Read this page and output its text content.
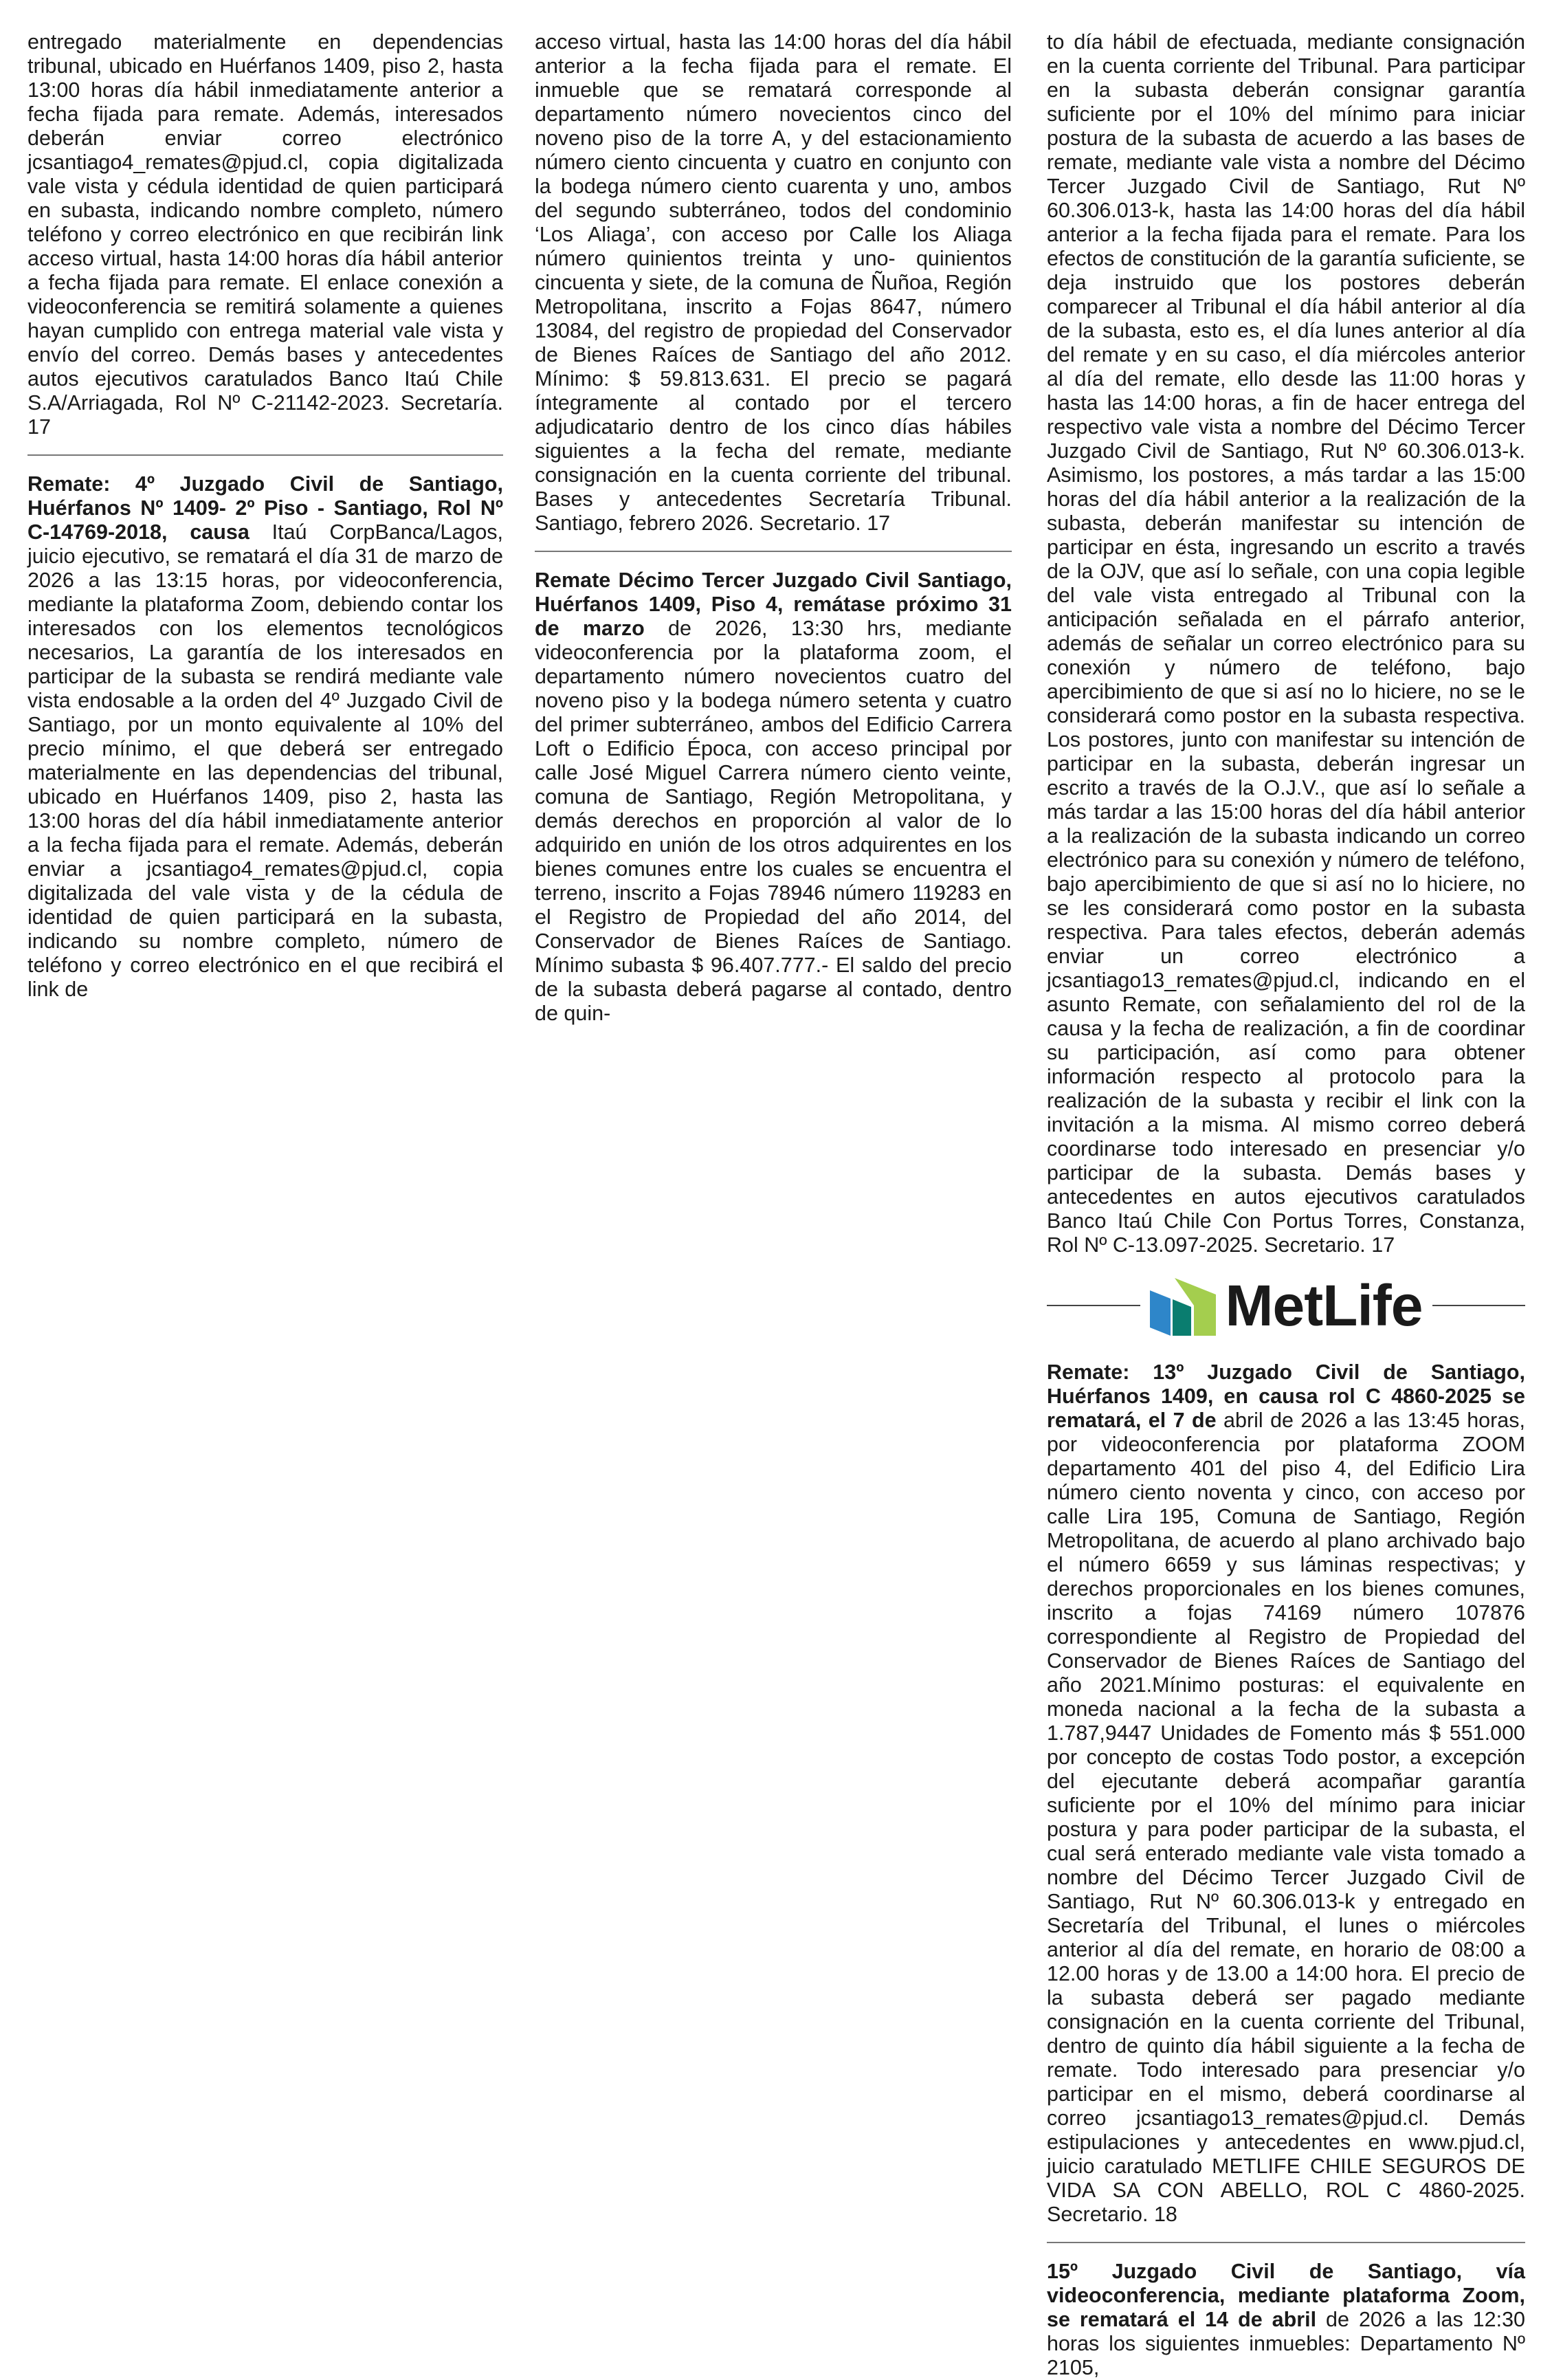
entregado materialmente en dependencias tribunal, ubicado en Huérfanos 1409, piso 2, hasta 13:00 horas día hábil inmediatamente anterior a fecha fijada para remate. Además, interesados deberán enviar correo electrónico jcsantiago4_remates@pjud.cl, copia digitalizada vale vista y cédula identidad de quien participará en subasta, indicando nombre completo, número teléfono y correo electrónico en que recibirán link acceso virtual, hasta 14:00 horas día hábil anterior a fecha fijada para remate. El enlace conexión a videoconferencia se remitirá solamente a quienes hayan cumplido con entrega material vale vista y envío del correo. Demás bases y antecedentes autos ejecutivos caratulados Banco Itaú Chile S.A/Arriagada, Rol Nº C-21142-2023. Secretaría. 17

Remate: 4º Juzgado Civil de Santiago, Huérfanos Nº 1409- 2º Piso - Santiago, Rol Nº C-14769-2018, causa Itaú CorpBanca/Lagos, juicio ejecutivo, se rematará el día 31 de marzo de 2026 a las 13:15 horas, por videoconferencia, mediante la plataforma Zoom, debiendo contar los interesados con los elementos tecnológicos necesarios, La garantía de los interesados en participar de la subasta se rendirá mediante vale vista endosable a la orden del 4º Juzgado Civil de Santiago, por un monto equivalente al 10% del precio mínimo, el que deberá ser entregado materialmente en las dependencias del tribunal, ubicado en Huérfanos 1409, piso 2, hasta las 13:00 horas del día hábil inmediatamente anterior a la fecha fijada para el remate. Además, deberán enviar a jcsantiago4_remates@pjud.cl, copia digitalizada del vale vista y de la cédula de identidad de quien participará en la subasta, indicando su nombre completo, número de teléfono y correo electrónico en el que recibirá el link de

acceso virtual, hasta las 14:00 horas del día hábil anterior a la fecha fijada para el remate. El inmueble que se rematará corresponde al departamento número novecientos cinco del noveno piso de la torre A, y del estacionamiento número ciento cincuenta y cuatro en conjunto con la bodega número ciento cuarenta y uno, ambos del segundo subterráneo, todos del condominio ‘Los Aliaga’, con acceso por Calle los Aliaga número quinientos treinta y uno- quinientos cincuenta y siete, de la comuna de Ñuñoa, Región Metropolitana, inscrito a Fojas 8647, número 13084, del registro de propiedad del Conservador de Bienes Raíces de Santiago del año 2012. Mínimo: $ 59.813.631. El precio se pagará íntegramente al contado por el tercero adjudicatario dentro de los cinco días hábiles siguientes a la fecha del remate, mediante consignación en la cuenta corriente del tribunal. Bases y antecedentes Secretaría Tribunal. Santiago, febrero 2026. Secretario. 17

Remate Décimo Tercer Juzgado Civil Santiago, Huérfanos 1409, Piso 4, remátase próximo 31 de marzo de 2026, 13:30 hrs, mediante videoconferencia por la plataforma zoom, el departamento número novecientos cuatro del noveno piso y la bodega número setenta y cuatro del primer subterráneo, ambos del Edificio Carrera Loft o Edificio Época, con acceso principal por calle José Miguel Carrera número ciento veinte, comuna de Santiago, Región Metropolitana, y demás derechos en proporción al valor de lo adquirido en unión de los otros adquirentes en los bienes comunes entre los cuales se encuentra el terreno, inscrito a Fojas 78946 número 119283 en el Registro de Propiedad del año 2014, del Conservador de Bienes Raíces de Santiago. Mínimo subasta $ 96.407.777.- El saldo del precio de la subasta deberá pagarse al contado, dentro de quin-

to día hábil de efectuada, mediante consignación en la cuenta corriente del Tribunal. Para participar en la subasta deberán consignar garantía suficiente por el 10% del mínimo para iniciar postura de la subasta de acuerdo a las bases de remate, mediante vale vista a nombre del Décimo Tercer Juzgado Civil de Santiago, Rut Nº 60.306.013-k, hasta las 14:00 horas del día hábil anterior a la fecha fijada para el remate. Para los efectos de constitución de la garantía suficiente, se deja instruido que los postores deberán comparecer al Tribunal el día hábil anterior al día de la subasta, esto es, el día lunes anterior al día del remate y en su caso, el día miércoles anterior al día del remate, ello desde las 11:00 horas y hasta las 14:00 horas, a fin de hacer entrega del respectivo vale vista a nombre del Décimo Tercer Juzgado Civil de Santiago, Rut Nº 60.306.013-k. Asimismo, los postores, a más tardar a las 15:00 horas del día hábil anterior a la realización de la subasta, deberán manifestar su intención de participar en ésta, ingresando un escrito a través de la OJV, que así lo señale, con una copia legible del vale vista entregado al Tribunal con la anticipación señalada en el párrafo anterior, además de señalar un correo electrónico para su conexión y número de teléfono, bajo apercibimiento de que si así no lo hiciere, no se le considerará como postor en la subasta respectiva. Los postores, junto con manifestar su intención de participar en la subasta, deberán ingresar un escrito a través de la O.J.V., que así lo señale a más tardar a las 15:00 horas del día hábil anterior a la realización de la subasta indicando un correo electrónico para su conexión y número de teléfono, bajo apercibimiento de que si así no lo hiciere, no se les considerará como postor en la subasta respectiva. Para tales efectos, deberán además enviar un correo electrónico a jcsantiago13_remates@pjud.cl, indicando en el asunto Remate, con señalamiento del rol de la causa y la fecha de realización, a fin de coordinar su participación, así como para obtener información respecto al protocolo para la realización de la subasta y recibir el link con la invitación a la misma. Al mismo correo deberá coordinarse todo interesado en presenciar y/o participar de la subasta. Demás bases y antecedentes en autos ejecutivos caratulados Banco Itaú Chile Con Portus Torres, Constanza, Rol Nº C-13.097-2025. Secretario. 17

MetLife

Remate: 13º Juzgado Civil de Santiago, Huérfanos 1409, en causa rol C 4860-2025 se rematará, el 7 de abril de 2026 a las 13:45 horas, por videoconferencia por plataforma ZOOM departamento 401 del piso 4, del Edificio Lira número ciento noventa y cinco, con acceso por calle Lira 195, Comuna de Santiago, Región Metropolitana, de acuerdo al plano archivado bajo el número 6659 y sus láminas respectivas; y derechos proporcionales en los bienes comunes, inscrito a fojas 74169 número 107876 correspondiente al Registro de Propiedad del Conservador de Bienes Raíces de Santiago del año 2021.Mínimo posturas: el equivalente en moneda nacional a la fecha de la subasta a 1.787,9447 Unidades de Fomento más $ 551.000 por concepto de costas Todo postor, a excepción del ejecutante deberá acompañar garantía suficiente por el 10% del mínimo para iniciar postura y para poder participar de la subasta, el cual será enterado mediante vale vista tomado a nombre del Décimo Tercer Juzgado Civil de Santiago, Rut Nº 60.306.013-k y entregado en Secretaría del Tribunal, el lunes o miércoles anterior al día del remate, en horario de 08:00 a 12.00 horas y de 13.00 a 14:00 hora. El precio de la subasta deberá ser pagado mediante consignación en la cuenta corriente del Tribunal, dentro de quinto día hábil siguiente a la fecha de remate. Todo interesado para presenciar y/o participar en el mismo, deberá coordinarse al correo jcsantiago13_remates@pjud.cl. Demás estipulaciones y antecedentes en www.pjud.cl, juicio caratulado METLIFE CHILE SEGUROS DE VIDA SA CON ABELLO, ROL C 4860-2025. Secretario. 18

15º Juzgado Civil de Santiago, vía videoconferencia, mediante plataforma Zoom, se rematará el 14 de abril de 2026 a las 12:30 horas los siguientes inmuebles: Departamento Nº 2105,
